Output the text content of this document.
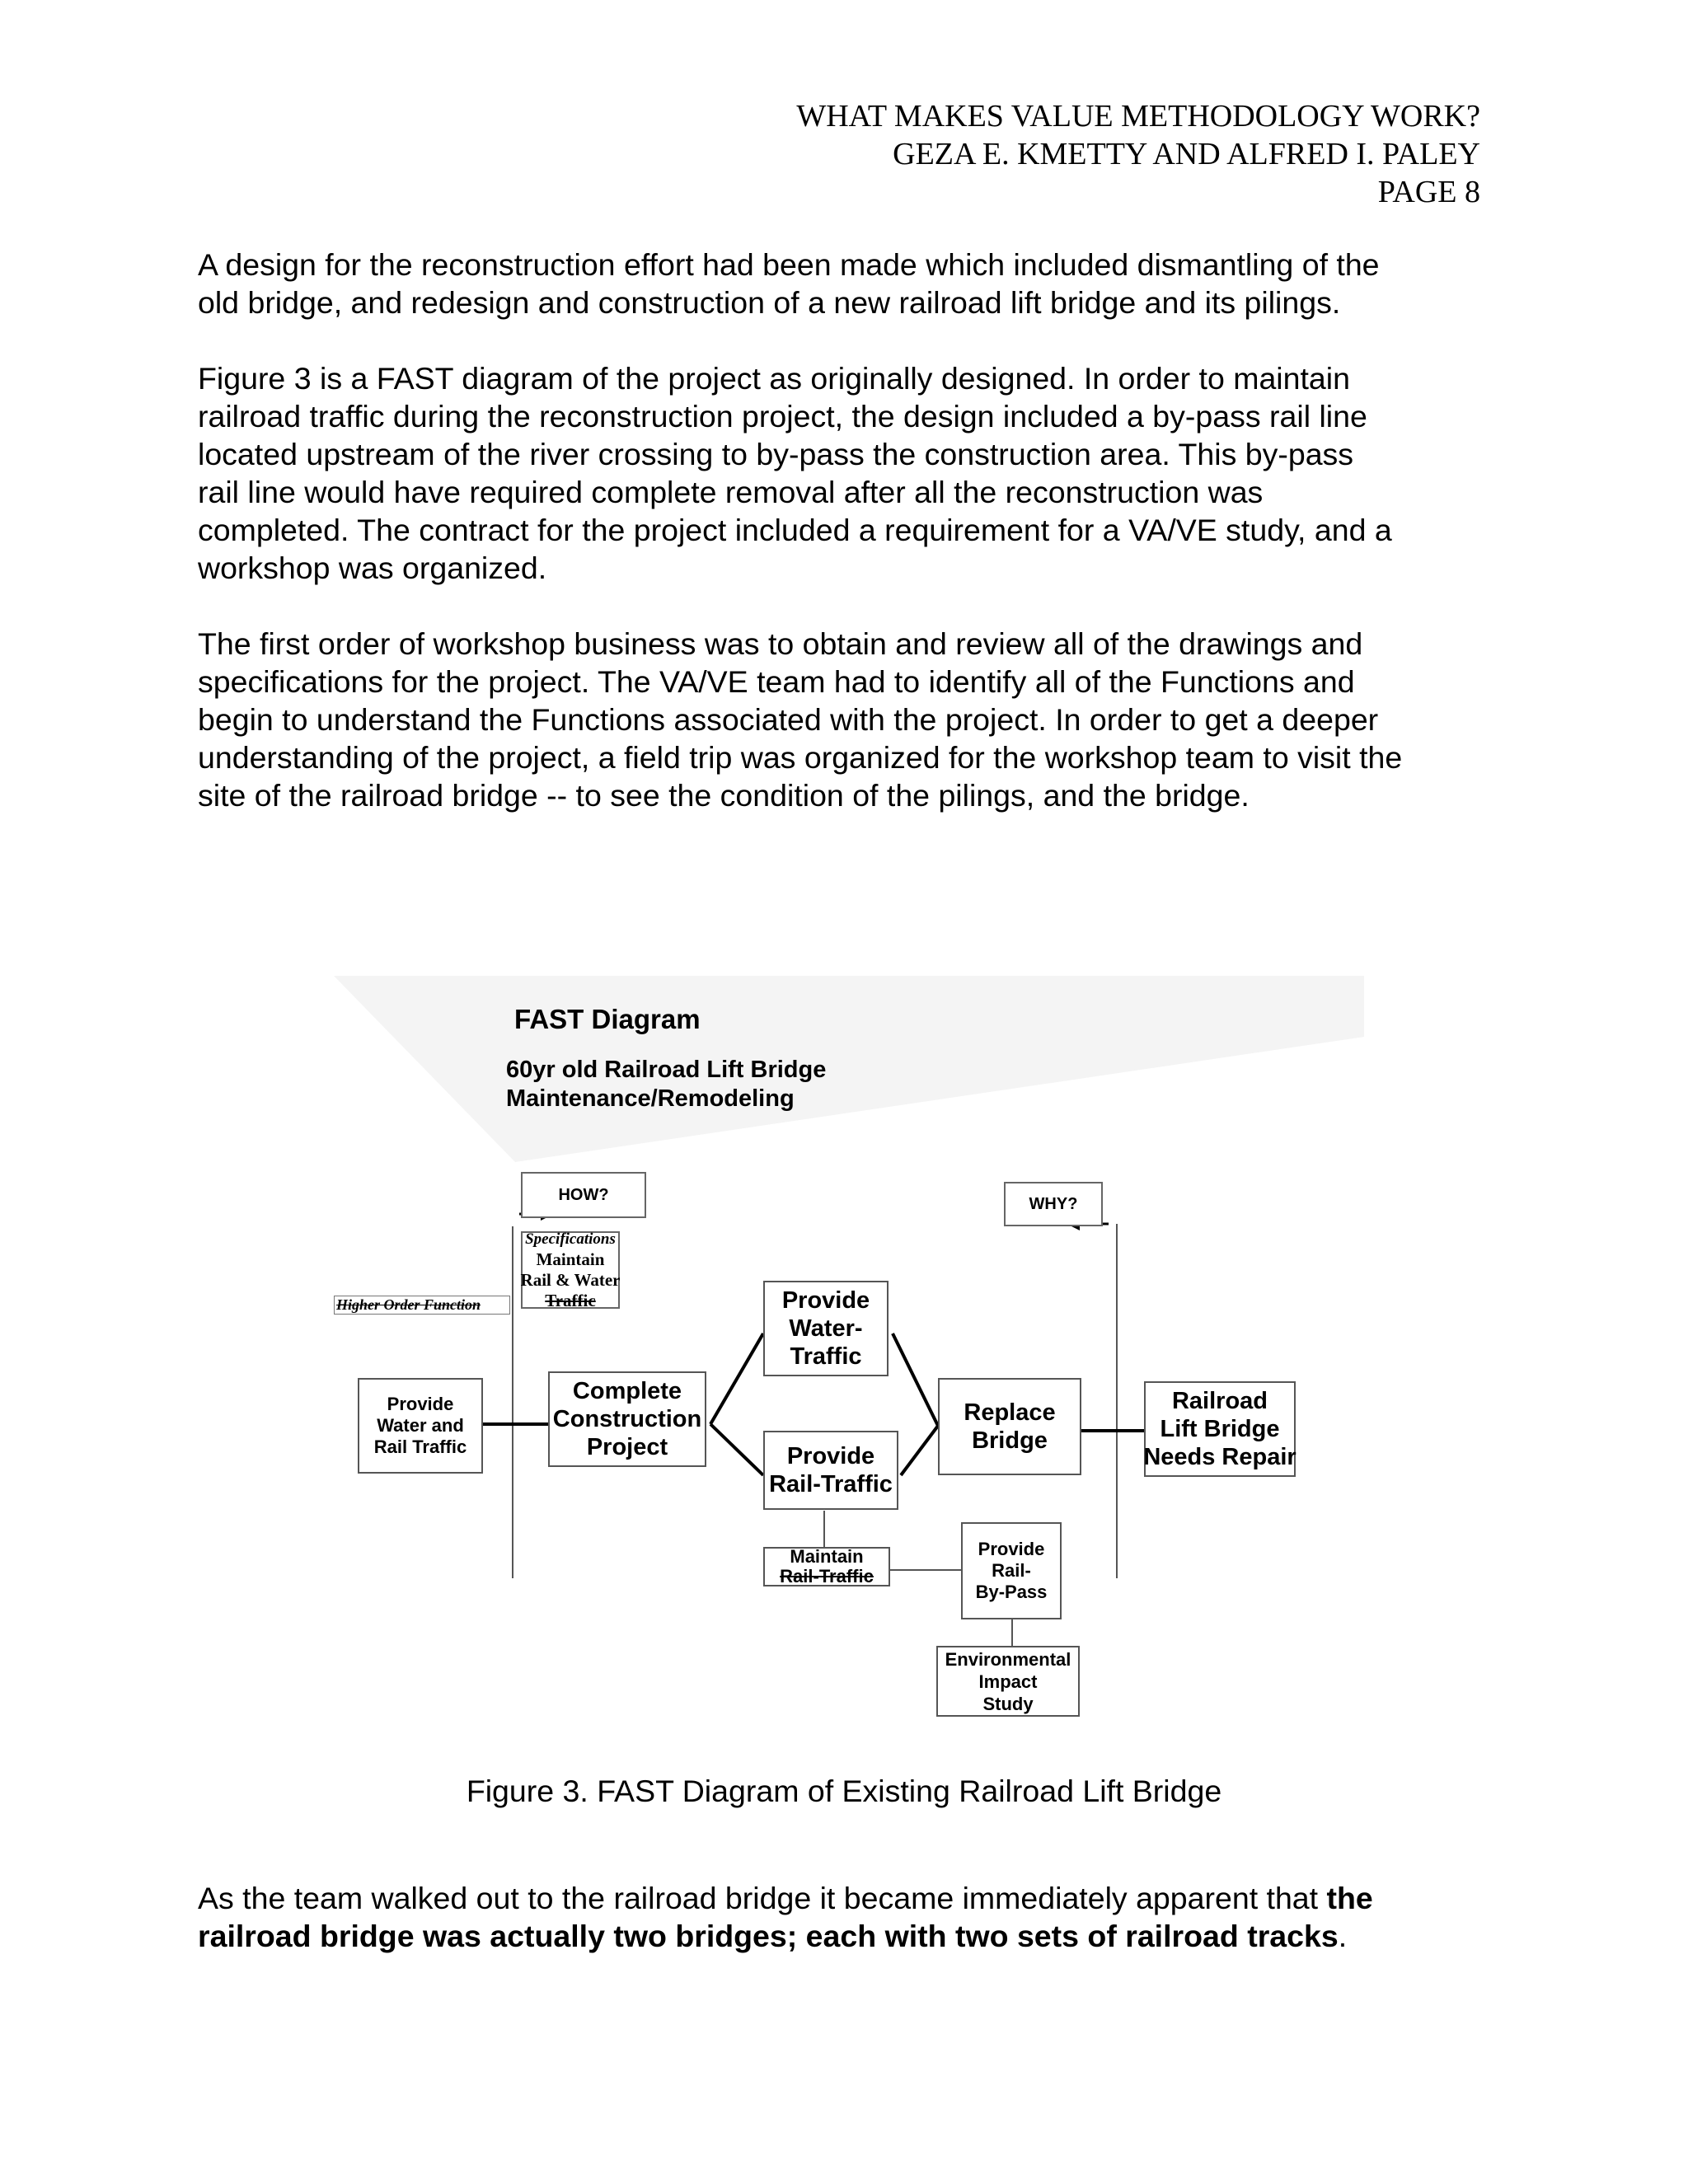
WHAT MAKES VALUE METHODOLOGY WORK?
GEZA E. KMETTY AND ALFRED I. PALEY
PAGE 8
A design for the reconstruction effort had been made which included dismantling of the
old bridge, and redesign and construction of a new railroad lift bridge and its pilings.
Figure 3 is a FAST diagram of the project as originally designed. In order to maintain
railroad traffic during the reconstruction project, the design included a by-pass rail line
located upstream of the river crossing to by-pass the construction area. This by-pass
rail line would have required complete removal after all the reconstruction was
completed. The contract for the project included a requirement for a VA/VE study, and a
workshop was organized.
The first order of workshop business was to obtain and review all of the drawings and
specifications for the project. The VA/VE team had to identify all of the Functions and
begin to understand the Functions associated with the project. In order to get a deeper
understanding of the project, a field trip was organized for the workshop team to visit the
site of the railroad bridge -- to see the condition of the pilings, and the bridge.
FAST Diagram
60yr old Railroad Lift Bridge
Maintenance/Remodeling
HOW?	WHY?
Specifications
Maintain
Rail & Water
Traffic
Higher Order Function
Provide
Water and
Rail Traffic
Complete
Construction
Project
Provide
Water-
Traffic
Provide
Rail-Traffic
Replace
Bridge
Railroad
Lift Bridge
Needs Repair
Maintain
Rail-Traffic
Provide
Rail-
By-Pass
Environmental
Impact
Study
Figure 3. FAST Diagram of Existing Railroad Lift Bridge
As the team walked out to the railroad bridge it became immediately apparent that the
railroad bridge was actually two bridges; each with two sets of railroad tracks.
